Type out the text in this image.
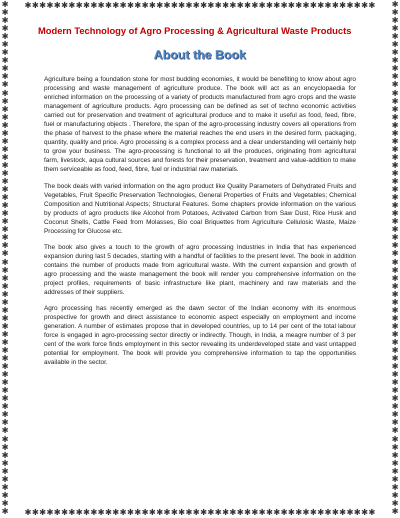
✱✱✱✱✱✱✱✱✱✱✱✱✱✱✱✱✱✱✱✱✱✱✱✱✱✱✱✱✱✱✱✱✱✱✱✱✱✱✱✱✱✱✱✱✱✱✱✱
✱✱✱✱✱✱✱✱✱✱✱✱✱✱✱✱✱✱✱✱✱✱✱✱✱✱✱✱✱✱✱✱✱✱✱✱✱✱✱✱✱✱✱✱✱✱✱✱
✱✱✱✱✱✱✱✱✱✱✱✱✱✱✱✱✱✱✱✱✱✱✱✱✱✱✱✱✱✱✱✱✱✱✱✱✱✱✱✱✱✱✱✱✱✱✱✱✱✱✱✱✱✱✱✱✱✱✱✱✱✱✱✱
✱✱✱✱✱✱✱✱✱✱✱✱✱✱✱✱✱✱✱✱✱✱✱✱✱✱✱✱✱✱✱✱✱✱✱✱✱✱✱✱✱✱✱✱✱✱✱✱✱✱✱✱✱✱✱✱✱✱✱✱✱✱✱✱
Modern Technology of Agro Processing & Agricultural Waste Products
About the Book

Agriculture being a foundation stone for most budding economies, it would be benefiting to know about agro processing and waste management of agriculture produce. The book will act as an encyclopaedia for enriched information on the processing of a variety of products manufactured from agro crops and the waste management of agriculture products. Agro processing can be defined as set of techno economic activities carried out for preservation and treatment of agricultural produce and to make it useful as food, feed, fibre, fuel or manufacturing objects . Therefore, the span of the agro-processing industry covers all operations from the phase of harvest to the phase where the material reaches the end users in the desired form, packaging, quantity, quality and price. Agro processing is a complex process and a clear understanding will certainly help to grow your business. The agro-processing is functional to all the produces, originating from agricultural farm, livestock, aqua cultural sources and forests for their preservation, treatment and value-addition to make them serviceable as food, feed, fibre, fuel or industrial raw materials.

The book deals with varied information on the agro product like Quality Parameters of Dehydrated Fruits and Vegetables, Fruit Specific Preservation Technologies, General Properties of Fruits and Vegetables; Chemical Composition and Nutritional Aspects; Structural Features. Some chapters provide information on the various by products of agro products like Alcohol from Potatoes, Activated Carbon from Saw Dust, Rice Husk and Coconut Shells, Cattle Feed from Molasses, Bio coal Briquettes from Agriculture Cellulosic Waste, Maize Processing for Glucose etc.

The book also gives a touch to the growth of agro processing Industries in India that has experienced expansion during last 5 decades, starting with a handful of facilities to the present level. The book in addition contains the number of products made from agricultural waste. With the current expansion and growth of agro processing and the waste management the book will render you comprehensive information on the project profiles, requirements of basic infrastructure like plant, machinery and raw materials and the addresses of their suppliers.

Agro processing has recently emerged as the dawn sector of the Indian economy with its enormous prospective for growth and direct assistance to economic aspect especially on employment and income generation. A number of estimates propose that in developed countries, up to 14 per cent of the total labour force is engaged in agro-processing sector directly or indirectly. Though, in India, a meagre number of 3 per cent of the work force finds employment in this sector revealing its underdeveloped state and vast untapped potential for employment. The book will provide you comprehensive information to tap the opportunities available in the sector.
